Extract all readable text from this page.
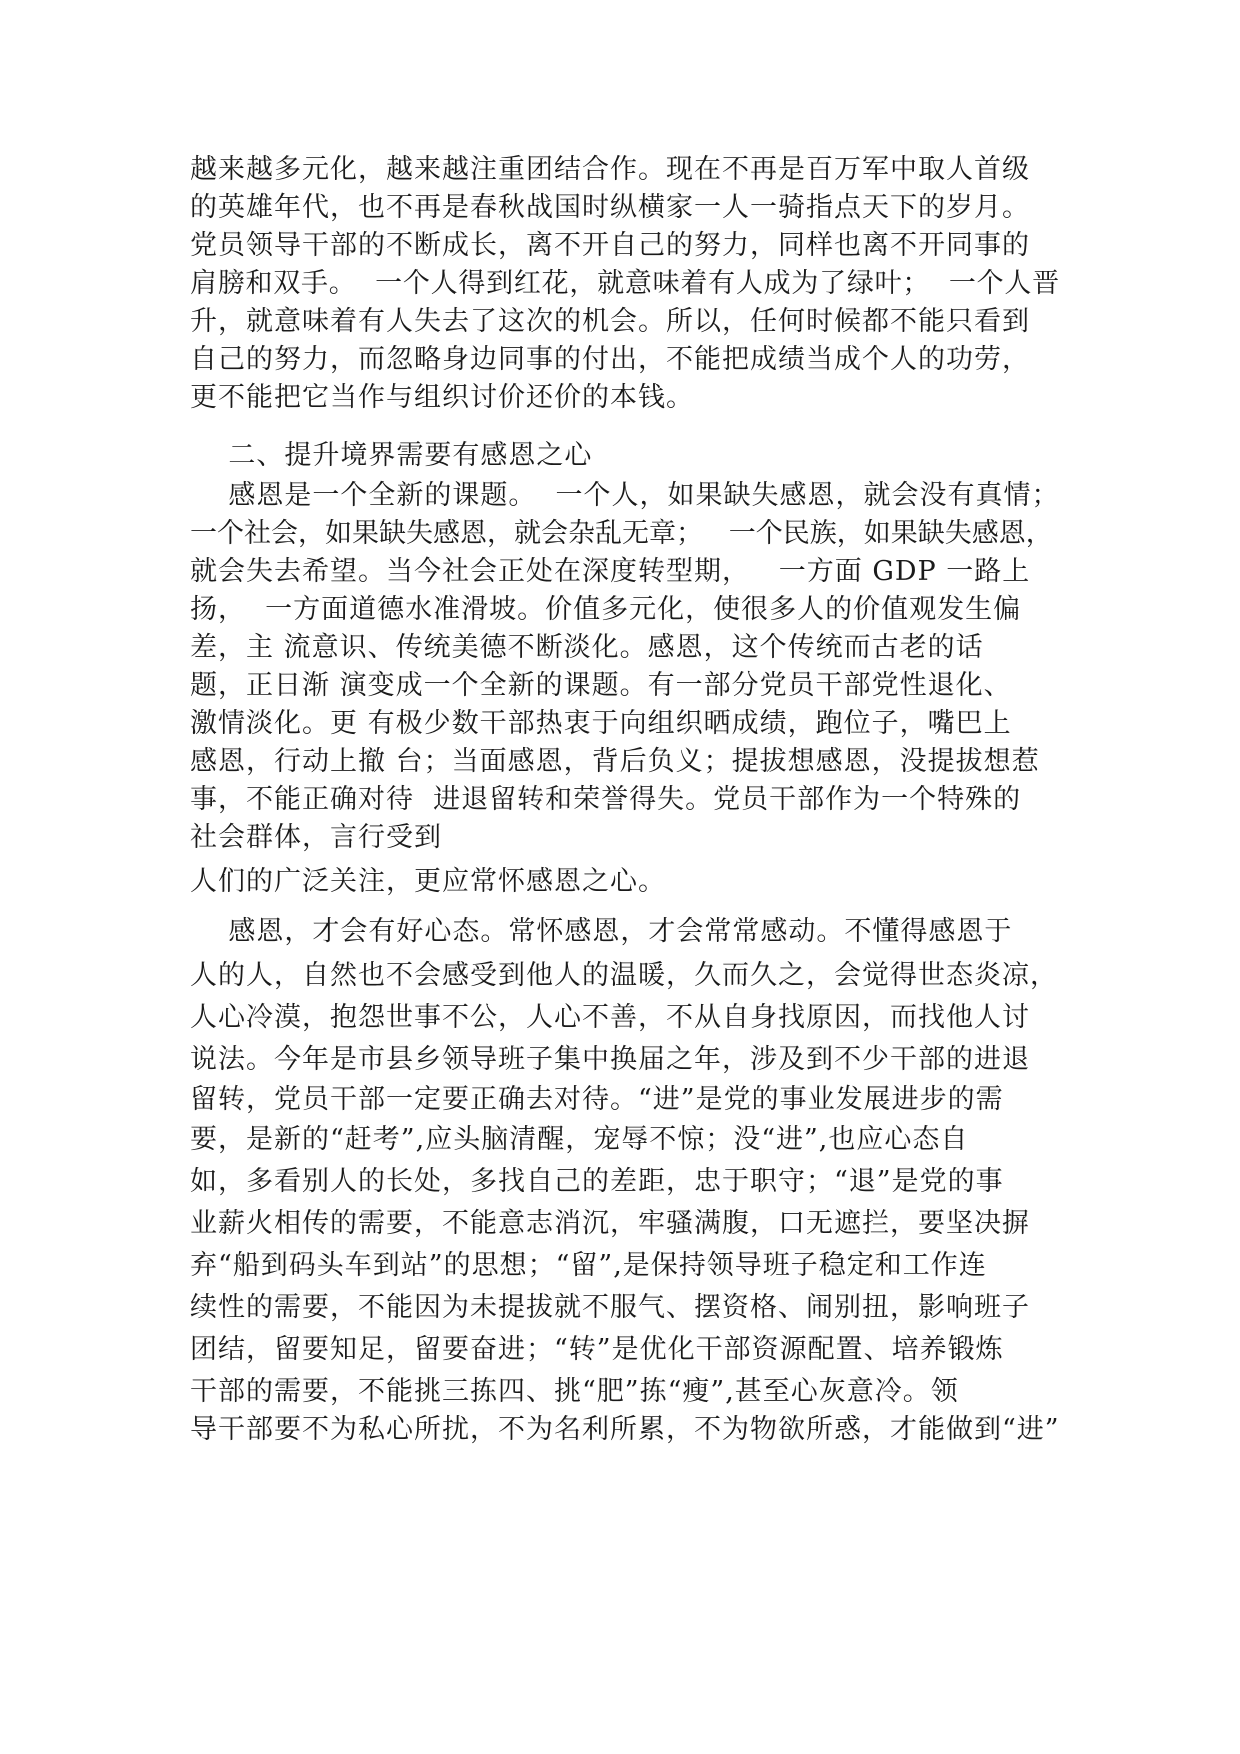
越来越多元化，越来越注重团结合作。现在不再是百万军中取人首级
的英雄年代，也不再是春秋战国时纵横家一人一骑指点天下的岁月。
党员领导干部的不断成长，离不开自己的努力，同样也离不开同事的
肩膀和双手。  一个人得到红花，就意味着有人成为了绿叶；  一个人晋
升，就意味着有人失去了这次的机会。所以，任何时候都不能只看到
自己的努力，而忽略身边同事的付出，不能把成绩当成个人的功劳，
更不能把它当作与组织讨价还价的本钱。
二、提升境界需要有感恩之心
感恩是一个全新的课题。  一个人，如果缺失感恩，就会没有真情；
一个社会，如果缺失感恩，就会杂乱无章；   一个民族，如果缺失感恩，
就会失去希望。当今社会正处在深度转型期，   一方面 GDP 一路上
扬，  一方面道德水准滑坡。价值多元化，使很多人的价值观发生偏
差，主 流意识、传统美德不断淡化。感恩，这个传统而古老的话
题，正日渐 演变成一个全新的课题。有一部分党员干部党性退化、
激情淡化。更 有极少数干部热衷于向组织晒成绩，跑位子，嘴巴上
感恩，行动上撤 台；当面感恩，背后负义；提拔想感恩，没提拔想惹
事，不能正确对待  进退留转和荣誉得失。党员干部作为一个特殊的
社会群体，言行受到
人们的广泛关注，更应常怀感恩之心。
感恩，才会有好心态。常怀感恩，才会常常感动。不懂得感恩于
人的人，自然也不会感受到他人的温暖，久而久之，会觉得世态炎凉，
人心冷漠，抱怨世事不公，人心不善，不从自身找原因，而找他人讨
说法。今年是市县乡领导班子集中换届之年，涉及到不少干部的进退
留转，党员干部一定要正确去对待。“进”是党的事业发展进步的需
要，是新的“赶考”,应头脑清醒，宠辱不惊；没“进”,也应心态自
如，多看别人的长处，多找自己的差距，忠于职守；“退”是党的事
业薪火相传的需要，不能意志消沉，牢骚满腹，口无遮拦，要坚决摒
弃“船到码头车到站”的思想；“留”,是保持领导班子稳定和工作连
续性的需要，不能因为未提拔就不服气、摆资格、闹别扭，影响班子
团结，留要知足，留要奋进；“转”是优化干部资源配置、培养锻炼
干部的需要，不能挑三拣四、挑“肥”拣“瘦”,甚至心灰意冷。领
导干部要不为私心所扰，不为名利所累，不为物欲所惑，才能做到“进”
